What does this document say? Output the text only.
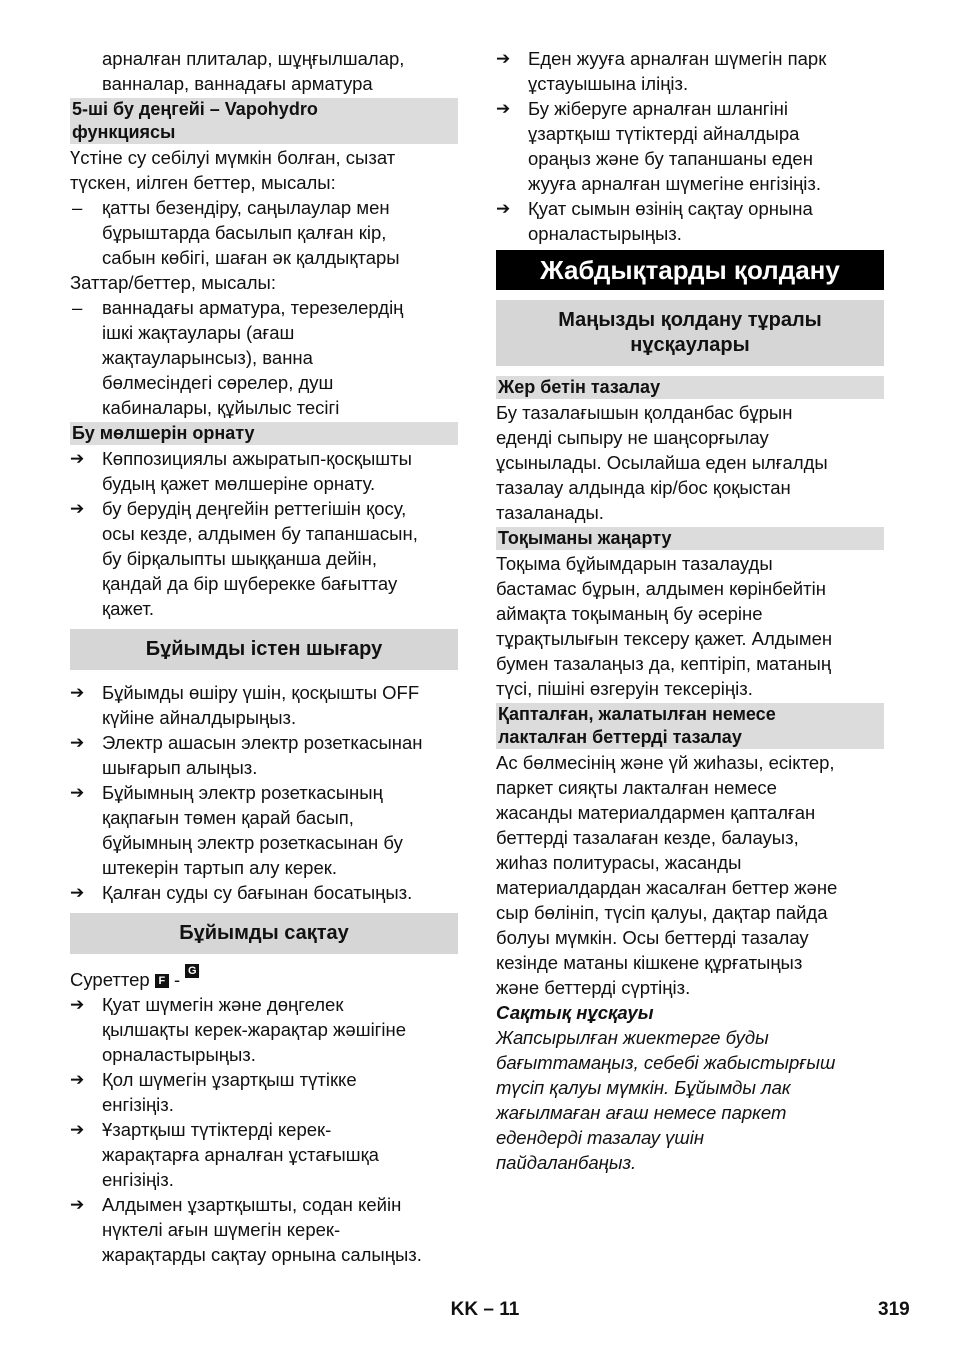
арналған плиталар, шұңғылшалар,
ванналар, ваннадағы арматура

5-ші бу деңгейі – Vapohydro
функциясы

Үстіне су себілуі мүмкін болған, сызат
түскен, иілген беттер, мысалы:

– қатты безендіру, саңылаулар мен
бұрыштарда басылып қалған кір,
сабын көбігі, шаған әк қалдықтары

Заттар/беттер, мысалы:

– ваннадағы арматура, терезелердің
ішкі жақтаулары (ағаш
жақтауларынсыз), ванна
бөлмесіндегі сөрелер, душ
кабиналары, құйылыс тесігі

Бу мөлшерін орнату

➔ Көппозициялы ажыратып-қосқышты
будың қажет мөлшеріне орнату.

➔ бу берудің деңгейін реттегішін қосу,
осы кезде, алдымен бу тапаншасын,
бу бірқалыпты шыққанша дейін,
қандай да бір шүберекке бағыттау
қажет.

Бұйымды істен шығару

➔ Бұйымды өшіру үшін, қосқышты OFF
күйіне айналдырыңыз.

➔ Электр ашасын электр розеткасынан
шығарып алыңыз.

➔ Бұйымның электр розеткасының
қақпағын төмен қарай басып,
бұйымның электр розеткасынан бу
штекерін тартып алу керек.

➔ Қалған суды су бағынан босатыңыз.

Бұйымды сақтау

Суреттер F - G

➔ Қуат шүмегін және дөңгелек
қылшақты керек-жарақтар жәшігіне
орналастырыңыз.

➔ Қол шүмегін ұзартқыш түтікке
енгізіңіз.

➔ Ұзартқыш түтіктерді керек-
жарақтарға арналған ұстағышқа
енгізіңіз.

➔ Алдымен ұзартқышты, содан кейін
нүктелі ағын шүмегін керек-
жарақтарды сақтау орнына салыңыз.

➔ Еден жууға арналған шүмегін парк
ұстауышына іліңіз.

➔ Бу жіберуге арналған шлангіні
ұзартқыш түтіктерді айналдыра
ораңыз және бу тапаншаны еден
жууға арналған шүмегіне енгізіңіз.

➔ Қуат сымын өзінің сақтау орнына
орналастырыңыз.

Жабдықтарды қолдану
Маңызды қолдану тұралы
нұсқаулары
Жер бетін тазалау

Бу тазалағышын қолданбас бұрын
еденді сыпыру не шаңсорғылау
ұсынылады. Осылайша еден ылғалды
тазалау алдында кір/бос қоқыстан
тазаланады.

Тоқыманы жаңарту

Тоқыма бұйымдарын тазалауды
бастамас бұрын, алдымен көрінбейтін
аймақта тоқыманың бу әсеріне
тұрақтылығын тексеру қажет. Алдымен
бумен тазалаңыз да, кептіріп, матаның
түсі, пішіні өзгеруін тексеріңіз.

Қапталған, жалатылған немесе
лакталған беттерді тазалау

Ас бөлмесінің және үй жиһазы, есіктер,
паркет сияқты лакталған немесе
жасанды материалдармен қапталған
беттерді тазалаған кезде, балауыз,
жиһаз политурасы, жасанды
материалдардан жасалған беттер және
сыр бөлініп, түсіп қалуы, дақтар пайда
болуы мүмкін. Осы беттерді тазалау
кезінде матаны кішкене құрғатыңыз
және беттерді сүртіңіз.

Сақтық нұсқауы

Жапсырылған жиектерге буды
бағыттамаңыз, себебі жабыстырғыш
түсіп қалуы мүмкін. Бұйымды лак
жағылмаған ағаш немесе паркет
едендерді тазалау үшін
пайдаланбаңыз.

KK – 11	319
